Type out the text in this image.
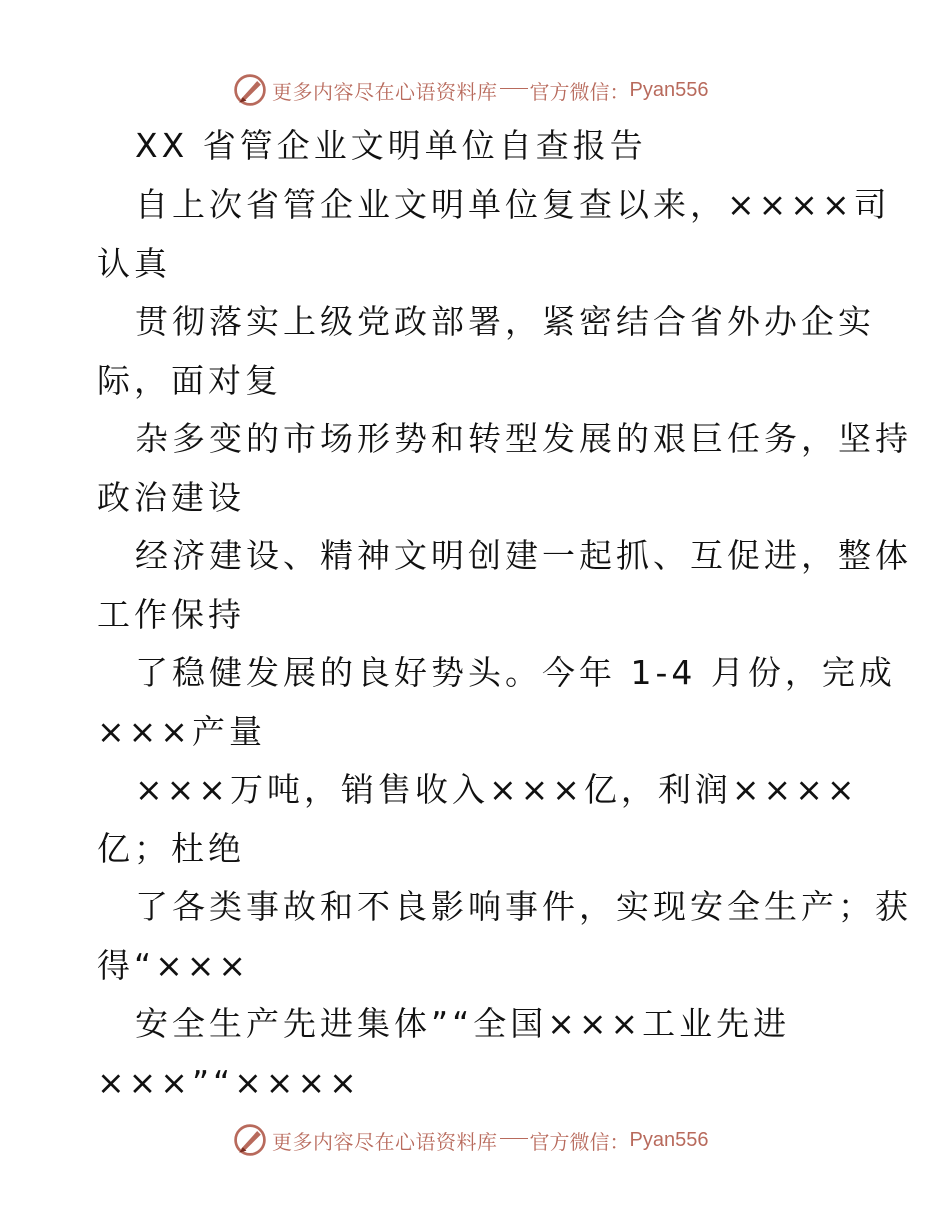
更多内容尽在心语资料库 官方微信： Pyan556
XX 省管企业文明单位自查报告
自上次省管企业文明单位复查以来，××××司
认真
贯彻落实上级党政部署，紧密结合省外办企实
际，面对复
杂多变的市场形势和转型发展的艰巨任务，坚持
政治建设
经济建设、精神文明创建一起抓、互促进，整体
工作保持
了稳健发展的良好势头。今年 1-4 月份，完成
×××产量
×××万吨，销售收入×××亿，利润××××
亿；杜绝
了各类事故和不良影响事件，实现安全生产；获
得“×××
安全生产先进集体”“全国×××工业先进
×××”“××××
更多内容尽在心语资料库 官方微信： Pyan556
